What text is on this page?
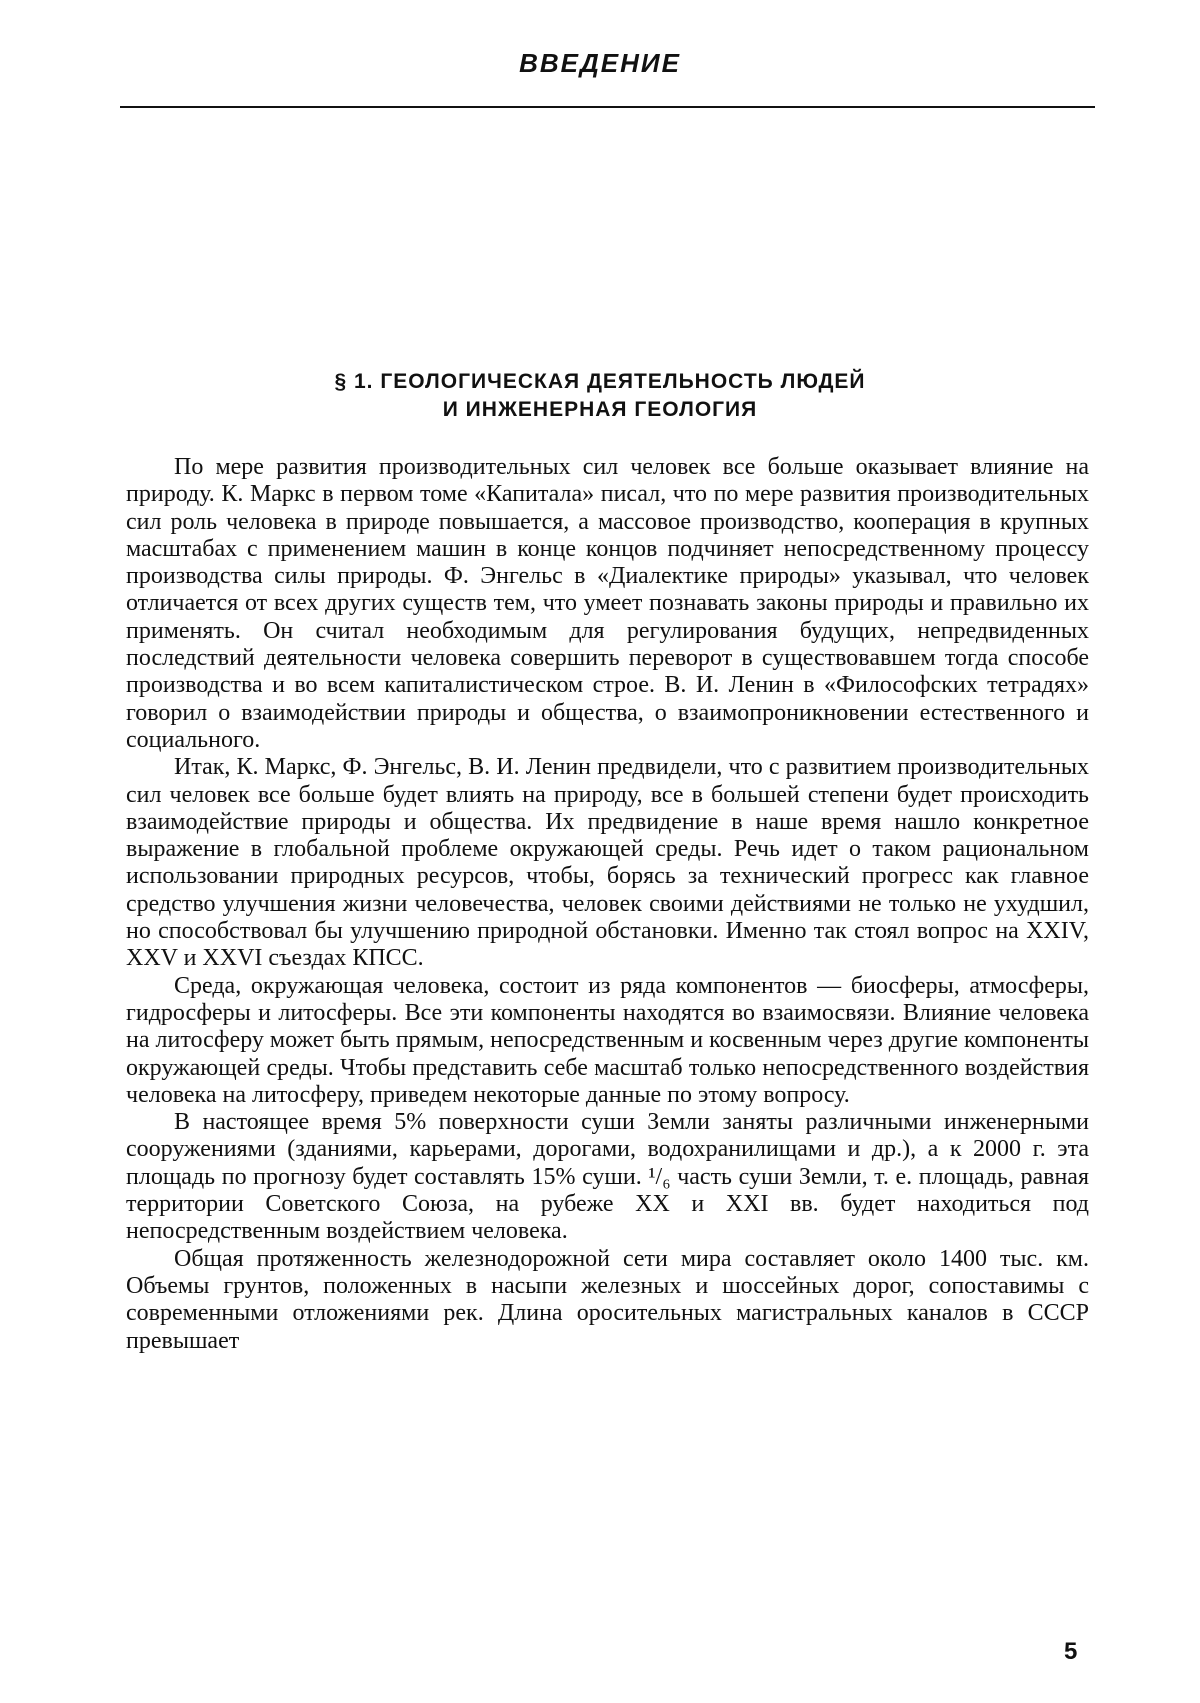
ВВЕДЕНИЕ
§ 1. ГЕОЛОГИЧЕСКАЯ ДЕЯТЕЛЬНОСТЬ ЛЮДЕЙ
И ИНЖЕНЕРНАЯ ГЕОЛОГИЯ

По мере развития производительных сил человек все больше оказывает влияние на природу. К. Маркс в первом томе «Капитала» писал, что по мере развития производительных сил роль человека в природе повышается, а массовое производство, кооперация в крупных масштабах с применением машин в конце концов подчиняет непосредственному процессу производства силы природы. Ф. Энгельс в «Диалектике природы» указывал, что человек отличается от всех других существ тем, что умеет познавать законы природы и правильно их применять. Он считал необходимым для регулирования будущих, непредвиденных последствий деятельности человека совершить переворот в существовавшем тогда способе производства и во всем капиталистическом строе. В. И. Ленин в «Философских тетрадях» говорил о взаимодействии природы и общества, о взаимопроникновении естественного и социального.

Итак, К. Маркс, Ф. Энгельс, В. И. Ленин предвидели, что с развитием производительных сил человек все больше будет влиять на природу, все в большей степени будет происходить взаимодействие природы и общества. Их предвидение в наше время нашло конкретное выражение в глобальной проблеме окружающей среды. Речь идет о таком рациональном использовании природных ресурсов, чтобы, борясь за технический прогресс как главное средство улучшения жизни человечества, человек своими действиями не только не ухудшил, но способствовал бы улучшению природной обстановки. Именно так стоял вопрос на XXIV, XXV и XXVI съездах КПСС.

Среда, окружающая человека, состоит из ряда компонентов — биосферы, атмосферы, гидросферы и литосферы. Все эти компоненты находятся во взаимосвязи. Влияние человека на литосферу может быть прямым, непосредственным и косвенным через другие компоненты окружающей среды. Чтобы представить себе масштаб только непосредственного воздействия человека на литосферу, приведем некоторые данные по этому вопросу.

В настоящее время 5% поверхности суши Земли заняты различными инженерными сооружениями (зданиями, карьерами, дорогами, водохранилищами и др.), а к 2000 г. эта площадь по прогнозу будет составлять 15% суши. ¹/₆ часть суши Земли, т. е. площадь, равная территории Советского Союза, на рубеже XX и XXI вв. будет находиться под непосредственным воздействием человека.

Общая протяженность железнодорожной сети мира составляет около 1400 тыс. км. Объемы грунтов, положенных в насыпи железных и шоссейных дорог, сопоставимы с современными отложениями рек. Длина оросительных магистральных каналов в СССР превышает

5
